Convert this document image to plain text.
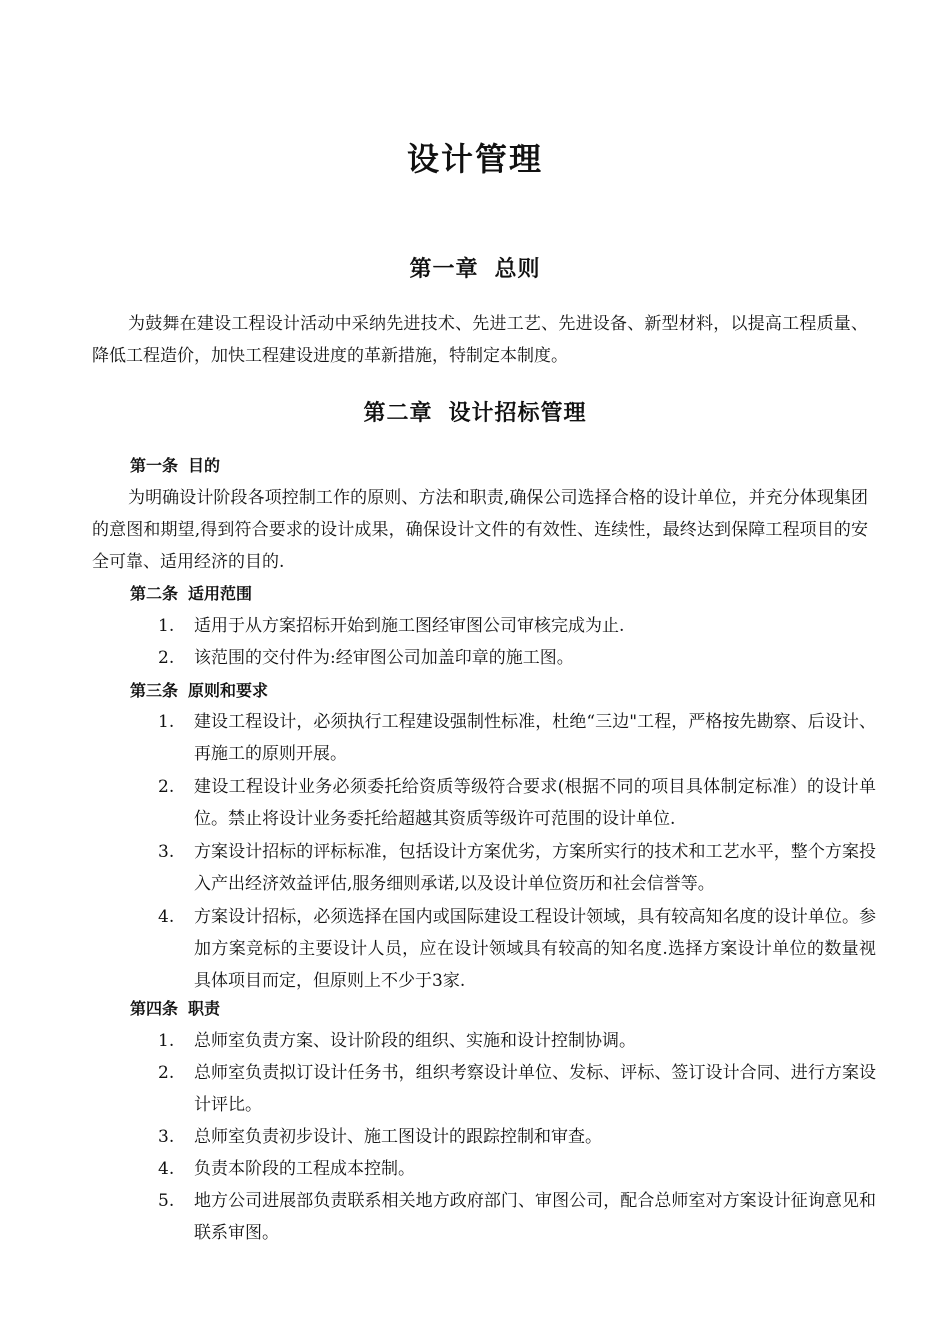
设计管理
第一章 总则
为鼓舞在建设工程设计活动中采纳先进技术、先进工艺、先进设备、新型材料，以提高工程质量、降低工程造价，加快工程建设进度的革新措施，特制定本制度。
第二章 设计招标管理
第一条 目的
为明确设计阶段各项控制工作的原则、方法和职责,确保公司选择合格的设计单位，并充分体现集团的意图和期望,得到符合要求的设计成果，确保设计文件的有效性、连续性，最终达到保障工程项目的安全可靠、适用经济的目的.
第二条 适用范围
1.	适用于从方案招标开始到施工图经审图公司审核完成为止.
2.	该范围的交付件为:经审图公司加盖印章的施工图。
第三条 原则和要求
1.	建设工程设计，必须执行工程建设强制性标准，杜绝“三边"工程，严格按先勘察、后设计、再施工的原则开展。
2.	建设工程设计业务必须委托给资质等级符合要求(根据不同的项目具体制定标准）的设计单位。禁止将设计业务委托给超越其资质等级许可范围的设计单位.
3.	方案设计招标的评标标准，包括设计方案优劣，方案所实行的技术和工艺水平，整个方案投入产出经济效益评估,服务细则承诺,以及设计单位资历和社会信誉等。
4.	方案设计招标，必须选择在国内或国际建设工程设计领域，具有较高知名度的设计单位。参加方案竞标的主要设计人员，应在设计领域具有较高的知名度.选择方案设计单位的数量视具体项目而定，但原则上不少于3家.
第四条 职责
1.	总师室负责方案、设计阶段的组织、实施和设计控制协调。
2.	总师室负责拟订设计任务书，组织考察设计单位、发标、评标、签订设计合同、进行方案设计评比。
3.	总师室负责初步设计、施工图设计的跟踪控制和审查。
4.	负责本阶段的工程成本控制。
5.	地方公司进展部负责联系相关地方政府部门、审图公司，配合总师室对方案设计征询意见和联系审图。
